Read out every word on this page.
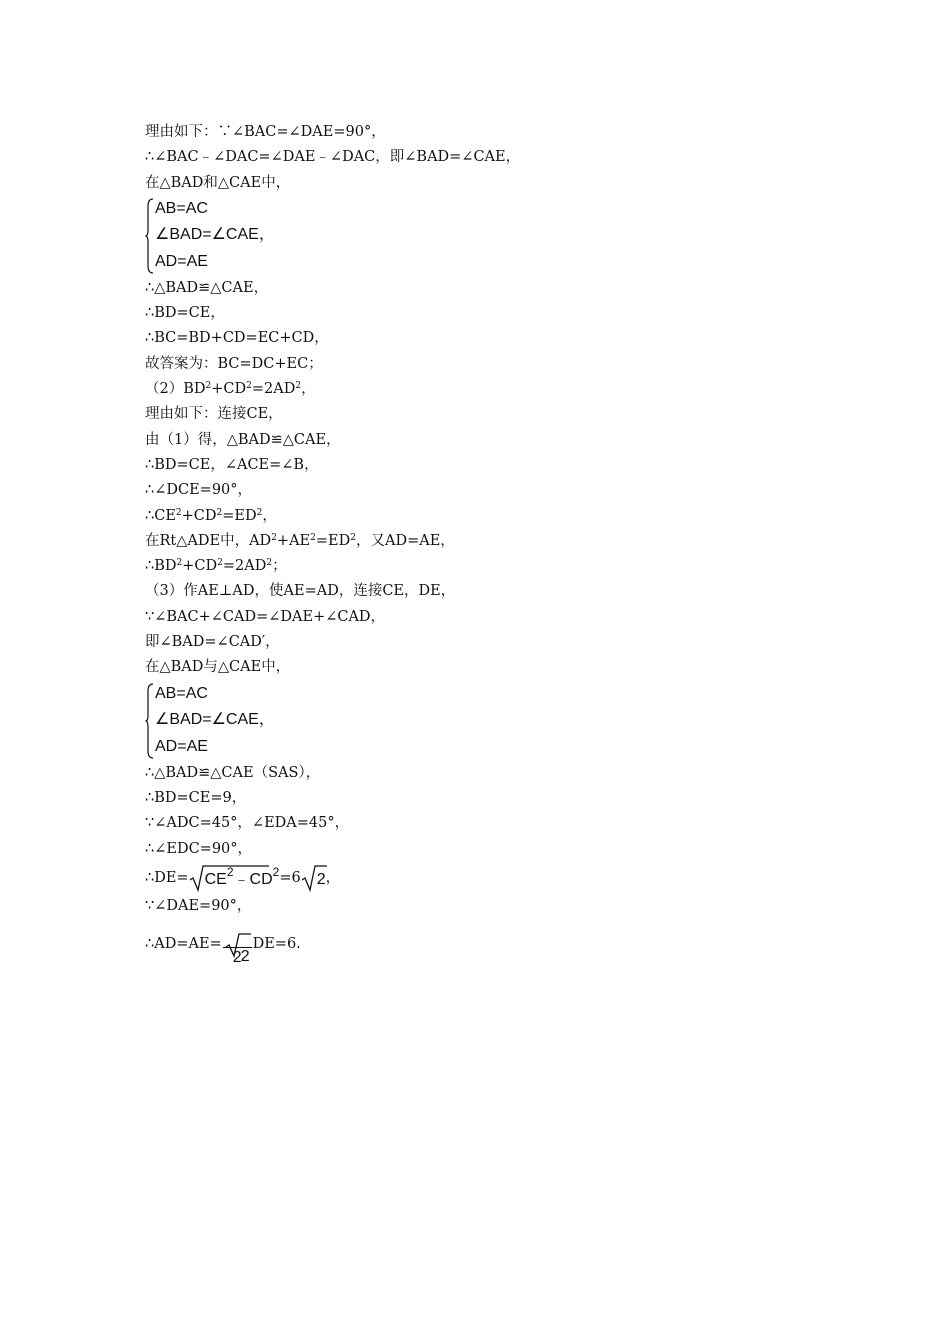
理由如下：∵∠BAC=∠DAE=90°，
∴∠BAC﹣∠DAC=∠DAE﹣∠DAC，即∠BAD=∠CAE，
在△BAD和△CAE中，
AB=AC
∠BAD=∠CAE，
AD=AE
∴△BAD≌△CAE，
∴BD=CE，
∴BC=BD+CD=EC+CD，
故答案为：BC=DC+EC；
$(2)BD^2+CD^2=2AD^2$，
理由如下：连接CE，
由（1）得，△BAD≌△CAE，
∴BD=CE，∠ACE=∠B，
∴∠DCE=90°，
$\therefore CE^2+CD^2=ED^2$，
在Rt△ADE中，$AD^2+AE^2=ED^2$，又AD=AE，
$\therefore BD^2+CD^2=2AD^2$；
（3）作AE⊥AD，使AE=AD，连接CE，DE，
∵∠BAC+∠CAD=∠DAE+∠CAD，
即∠BAD=∠CAD′，
在△BAD与△CAE中，
AB=AC
∠BAD=∠CAE，
AD=AE
∴△BAD≌△CAE（SAS），
∴BD=CE=9，
∵∠ADC=45°，∠EDA=45°，
∴∠EDC=90°，
∴DE= $CE^2﹣CD^2=6$ 2，
∵∠DAE=90°，
∴AD=AE= $\frac{2}{2} DE=6$.
